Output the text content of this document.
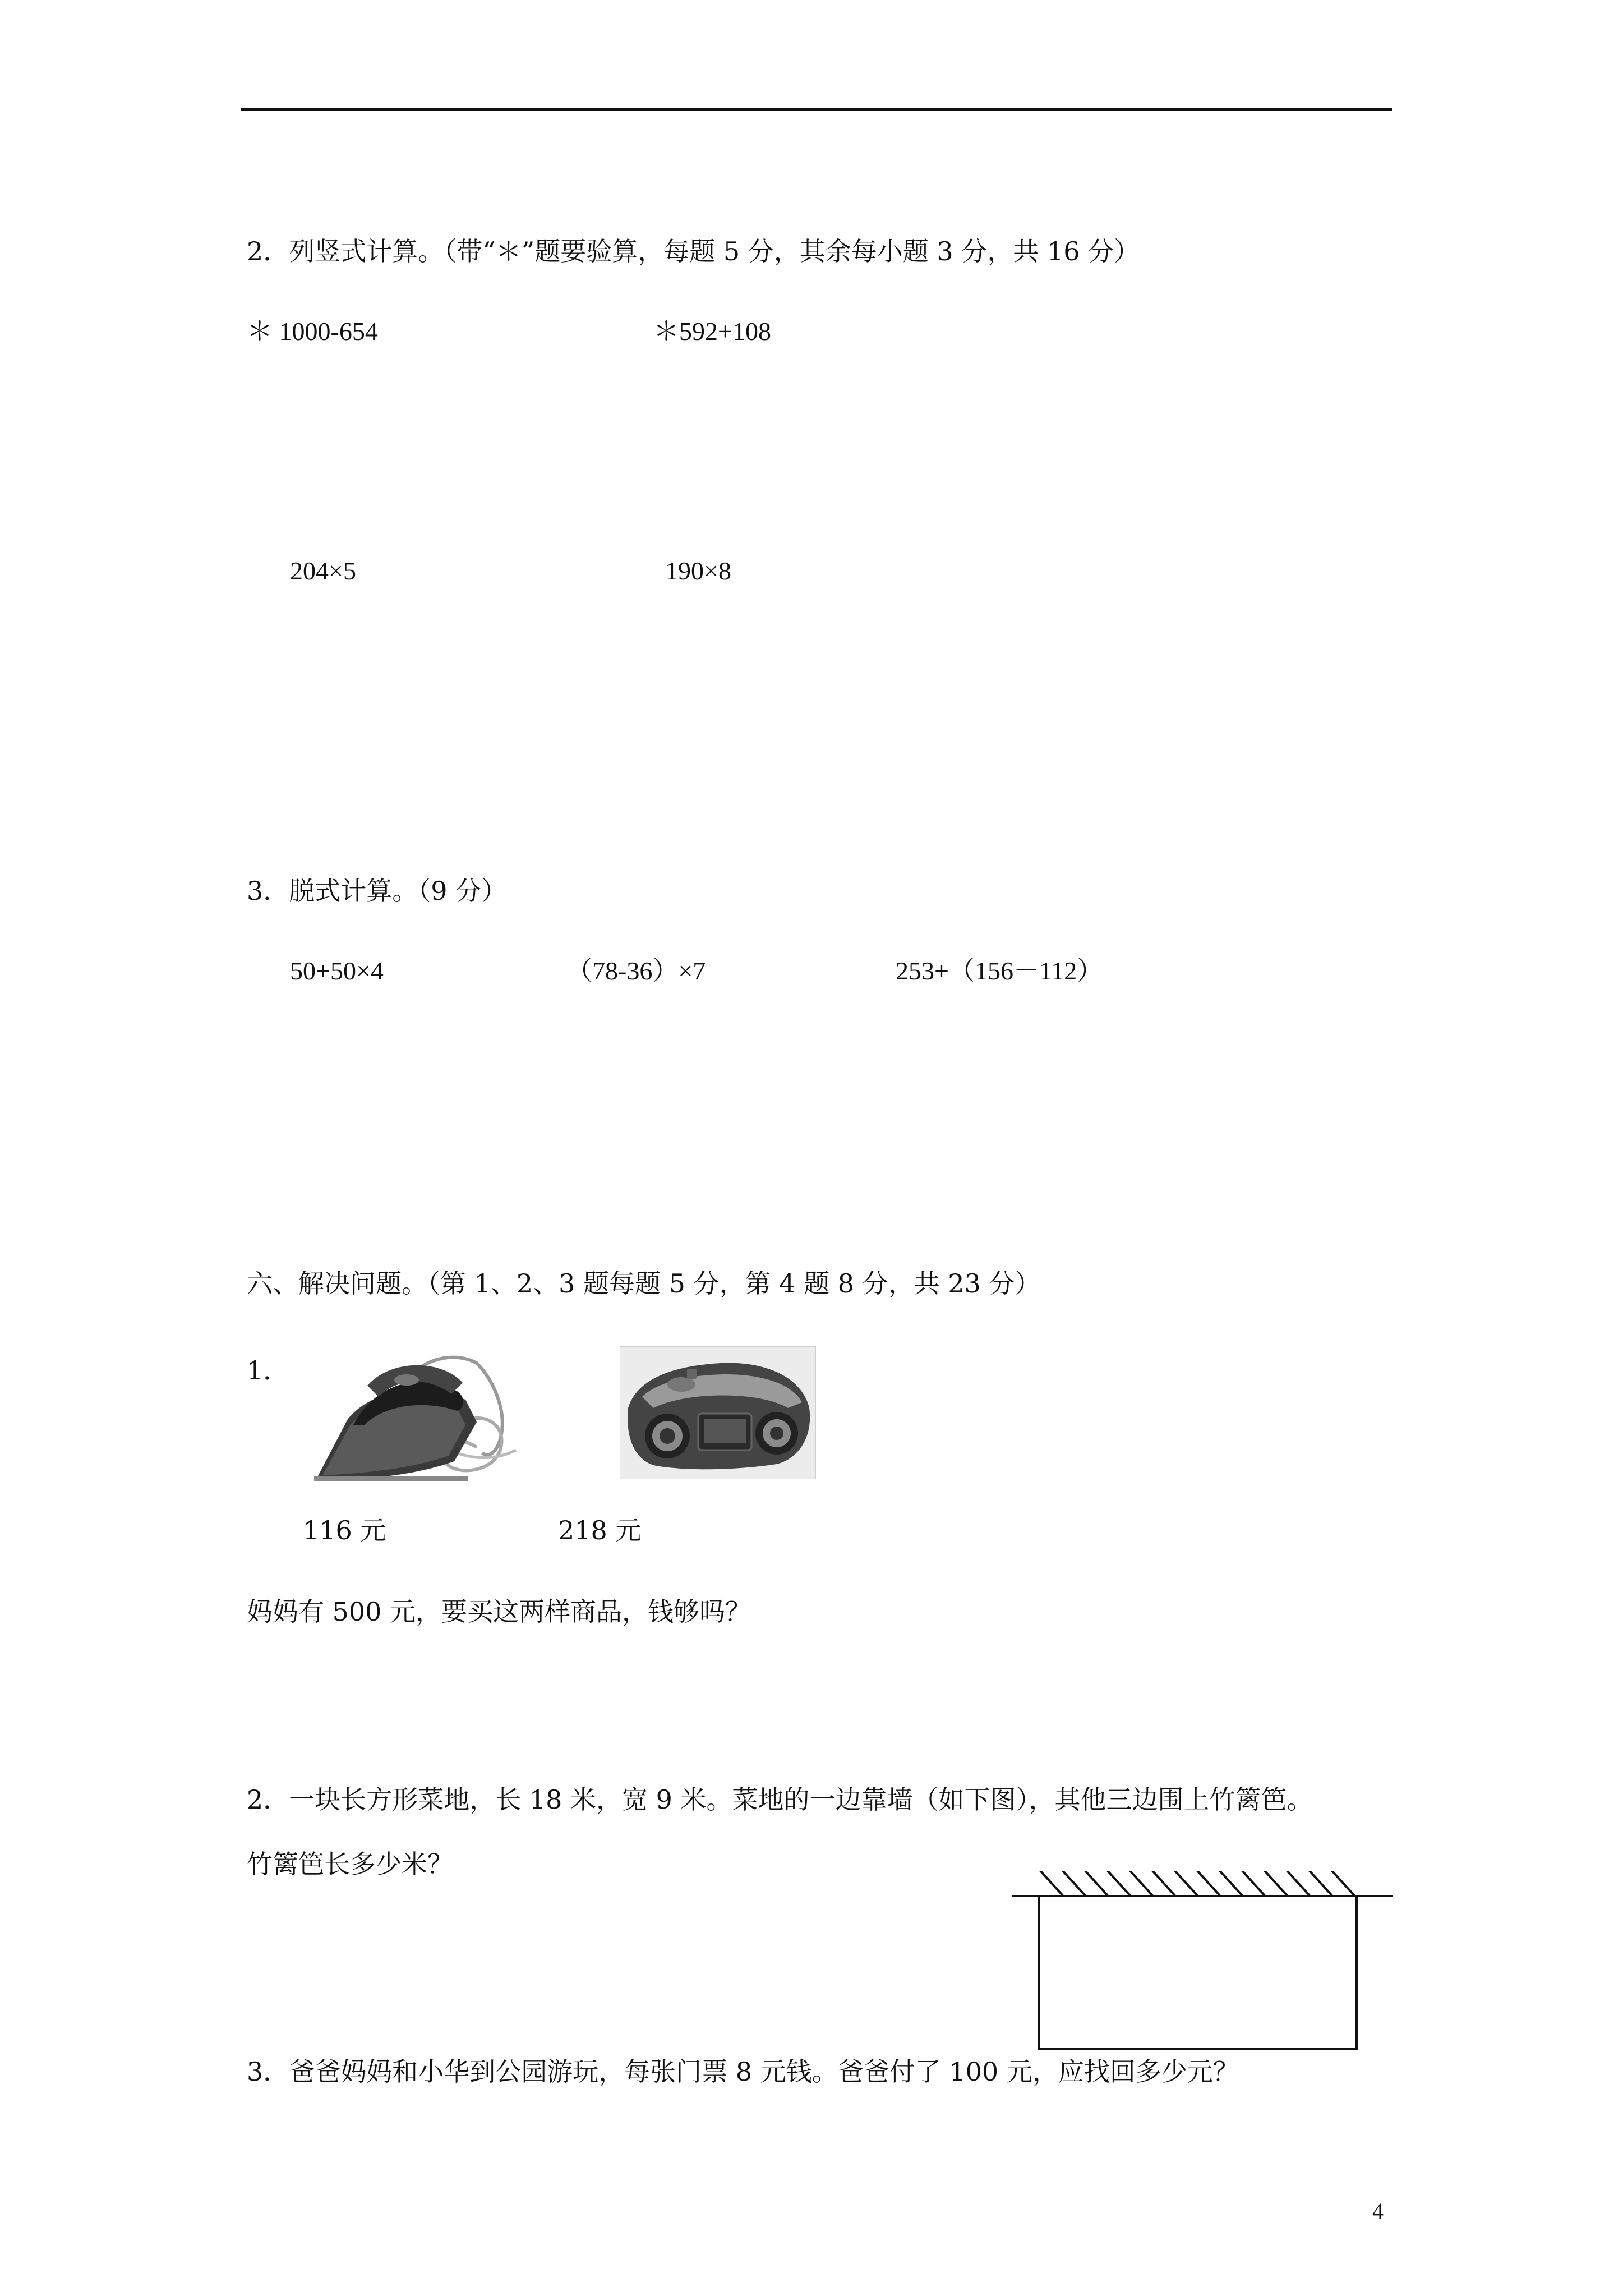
2．列竖式计算。（带“＊”题要验算，每题 5 分，其余每小题 3 分，共 16 分）
＊ 1000-654	＊592+108
204×5	190×8
3．脱式计算。（9 分）
50+50×4	（78-36）×7	253+（156－112）
六、解决问题。（第 1、2、3 题每题 5 分，第 4 题 8 分，共 23 分）
1．
116 元	218 元
妈妈有 500 元，要买这两样商品，钱够吗？
2．一块长方形菜地，长 18 米，宽 9 米。菜地的一边靠墙（如下图），其他三边围上竹篱笆。
竹篱笆长多少米？
3．爸爸妈妈和小华到公园游玩，每张门票 8 元钱。爸爸付了 100 元，应找回多少元？
4
